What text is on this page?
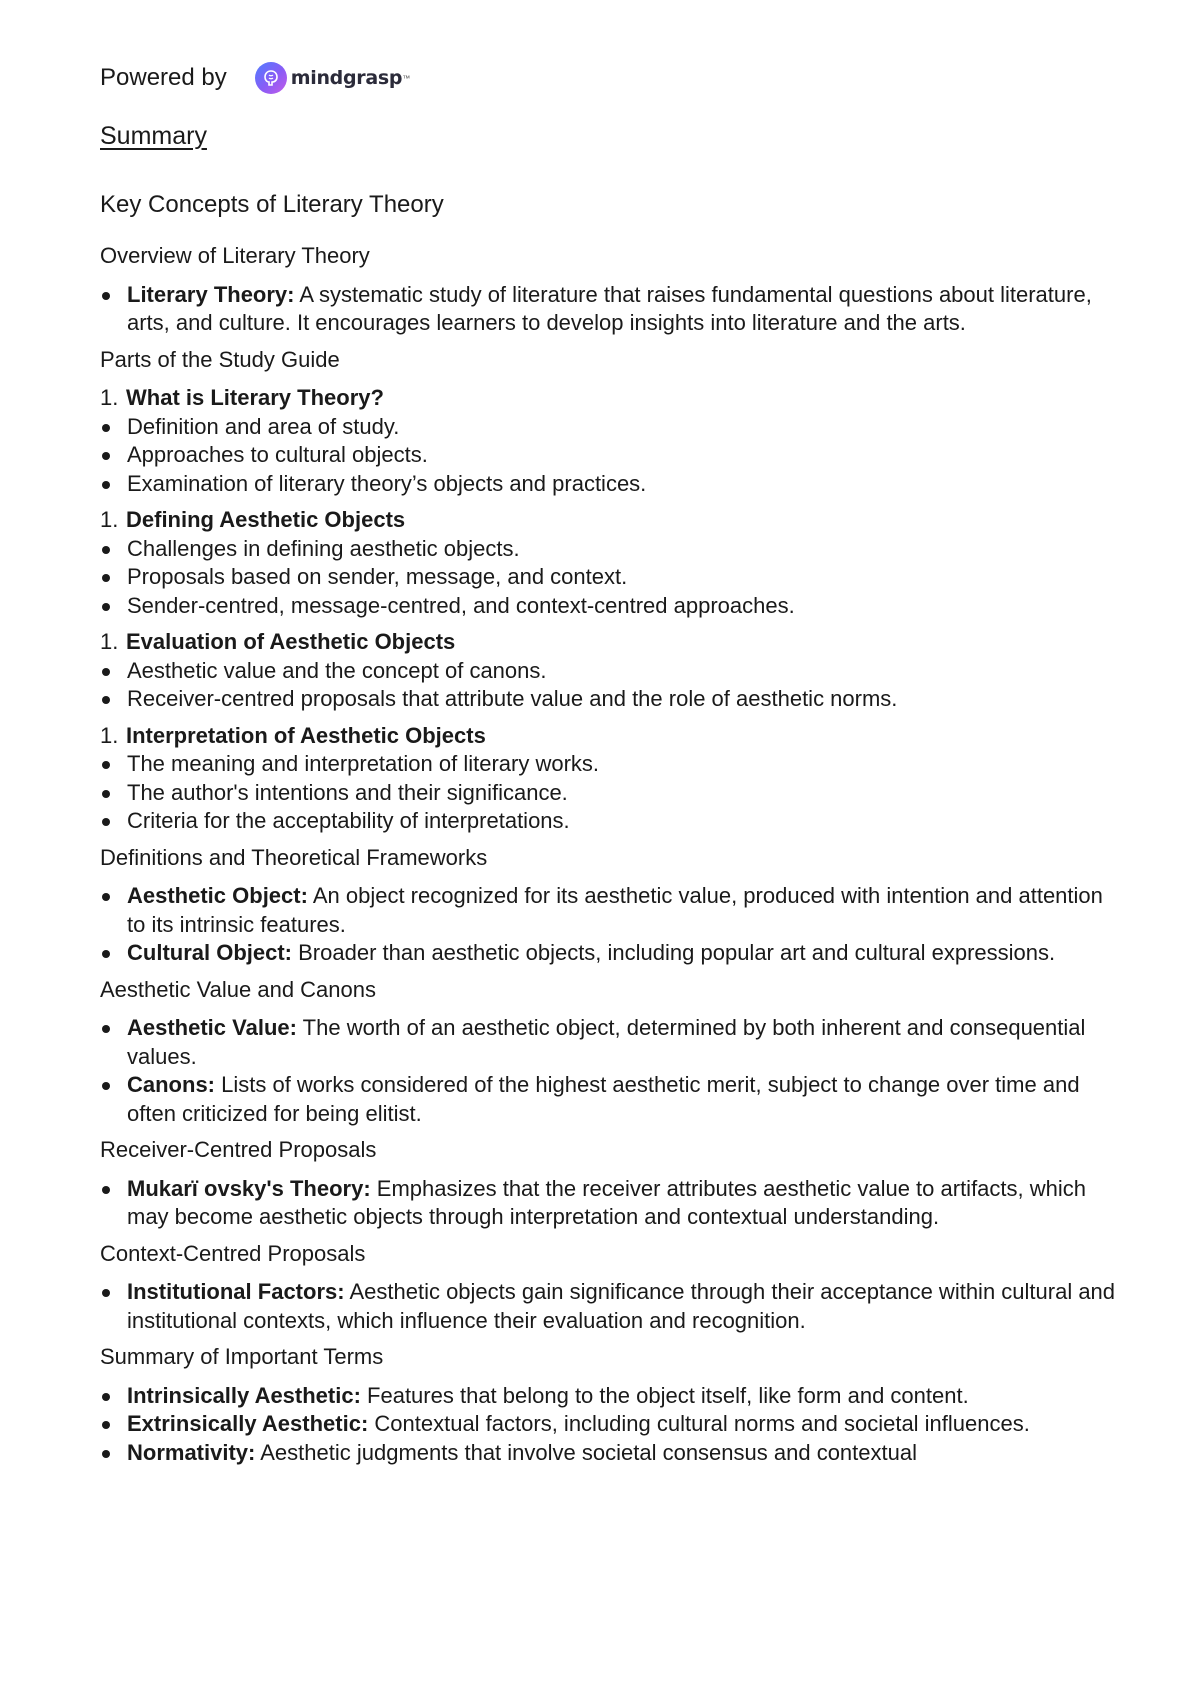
Powered by	mindgrasp ™
Summary
Key Concepts of Literary Theory
Overview of Literary Theory
Literary Theory: A systematic study of literature that raises fundamental questions about literature, arts, and culture. It encourages learners to develop insights into literature and the arts.
Parts of the Study Guide
1. What is Literary Theory?
Definition and area of study.
Approaches to cultural objects.
Examination of literary theory’s objects and practices.
1. Defining Aesthetic Objects
Challenges in defining aesthetic objects.
Proposals based on sender, message, and context.
Sender-centred, message-centred, and context-centred approaches.
1. Evaluation of Aesthetic Objects
Aesthetic value and the concept of canons.
Receiver-centred proposals that attribute value and the role of aesthetic norms.
1. Interpretation of Aesthetic Objects
The meaning and interpretation of literary works.
The author's intentions and their significance.
Criteria for the acceptability of interpretations.
Definitions and Theoretical Frameworks
Aesthetic Object: An object recognized for its aesthetic value, produced with intention and attention to its intrinsic features.
Cultural Object: Broader than aesthetic objects, including popular art and cultural expressions.
Aesthetic Value and Canons
Aesthetic Value: The worth of an aesthetic object, determined by both inherent and consequential values.
Canons: Lists of works considered of the highest aesthetic merit, subject to change over time and often criticized for being elitist.
Receiver-Centred Proposals
Mukarï ovsky's Theory: Emphasizes that the receiver attributes aesthetic value to artifacts, which may become aesthetic objects through interpretation and contextual understanding.
Context-Centred Proposals
Institutional Factors: Aesthetic objects gain significance through their acceptance within cultural and institutional contexts, which influence their evaluation and recognition.
Summary of Important Terms
Intrinsically Aesthetic: Features that belong to the object itself, like form and content.
Extrinsically Aesthetic: Contextual factors, including cultural norms and societal influences.
Normativity: Aesthetic judgments that involve societal consensus and contextual
